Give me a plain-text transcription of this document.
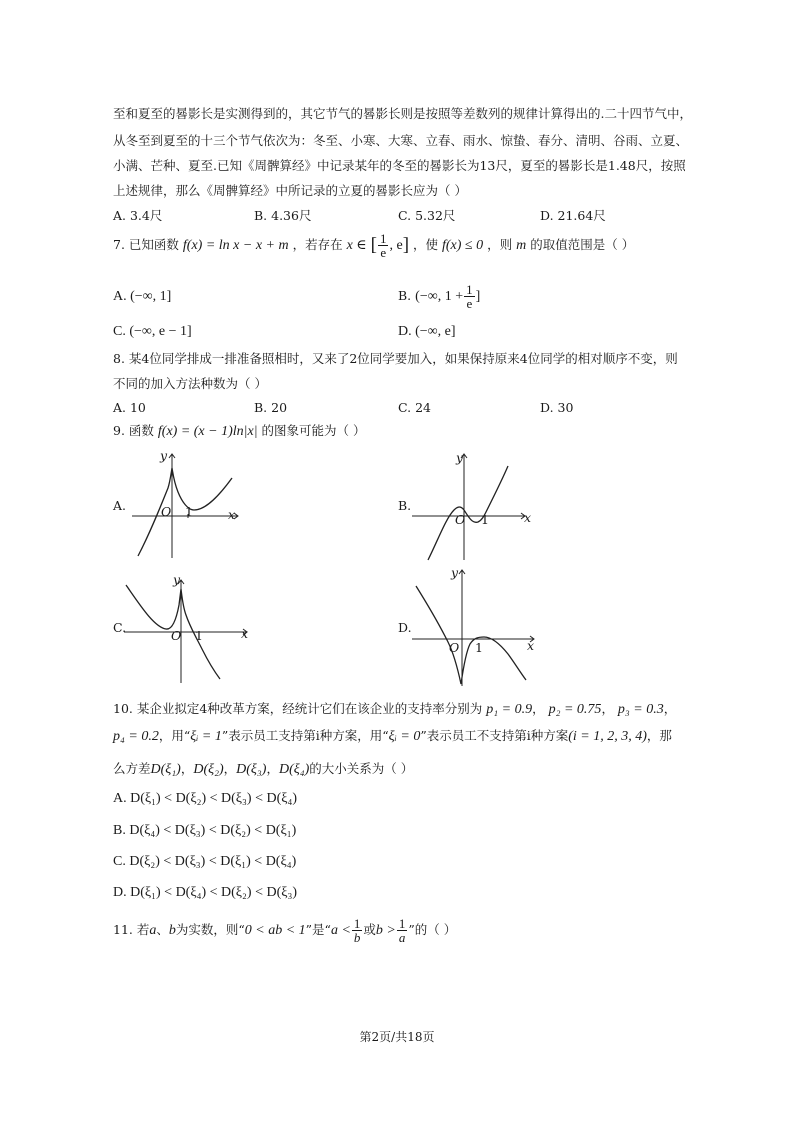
至和夏至的晷影长是实测得到的，其它节气的晷影长则是按照等差数列的规律计算得出的.二十四节气中，
从冬至到夏至的十三个节气依次为：冬至、小寒、大寒、立春、雨水、惊蛰、春分、清明、谷雨、立夏、
小满、芒种、夏至.已知《周髀算经》中记录某年的冬至的晷影长为13尺，夏至的晷影长是1.48尺，按照
上述规律，那么《周髀算经》中所记录的立夏的晷影长应为（ ）
A. 3.4尺	B. 4.36尺	C. 5.32尺	D. 21.64尺
7. 已知函数 f(x) = ln x − x + m ，若存在 x ∈ [ $\frac{1}{e}$ , e] ，使 f(x) ≤ 0 ，则 m 的取值范围是（ ）
A. (−∞, 1]	B. (−∞, $1 + \frac{1}{e}$ ]
C. (−∞, e − 1]	D. (−∞, e]
8. 某4位同学排成一排准备照相时，又来了2位同学要加入，如果保持原来4位同学的相对顺序不变，则
不同的加入方法种数为（ ）
A. 10	B. 20	C. 24	D. 30
9. 函数 f(x) = (x − 1)ln|x| 的图象可能为（ ）
A.	O 1	x
y
B.
O 1	x
y
C.
O 1	x
y
D.
O 1	x
y
10. 某企业拟定4种改革方案，经统计它们在该企业的支持率分别为 p₁ = 0.9， p₂ = 0.75， p₃ = 0.3，
p₄ = 0.2，用“ξᵢ = 1”表示员工支持第i种方案，用“ξᵢ = 0”表示员工不支持第i种方案(i = 1, 2, 3, 4)，那
么方差D(ξ₁)，D(ξ₂)，D(ξ₃)，D(ξ₄)的大小关系为（ ）
A. D(ξ₁) < D(ξ₂) < D(ξ₃) < D(ξ₄)
B. D(ξ₄) < D(ξ₃) < D(ξ₂) < D(ξ₁)
C. D(ξ₂) < D(ξ₃) < D(ξ₁) < D(ξ₄)
D. D(ξ₁) < D(ξ₄) < D(ξ₂) < D(ξ₃)
11. 若a、b为实数，则“0 < ab < 1”是“$a < \frac{1}{b}$ 或$b > \frac{1}{a}$ ”的（ ）
第2页/共18页
